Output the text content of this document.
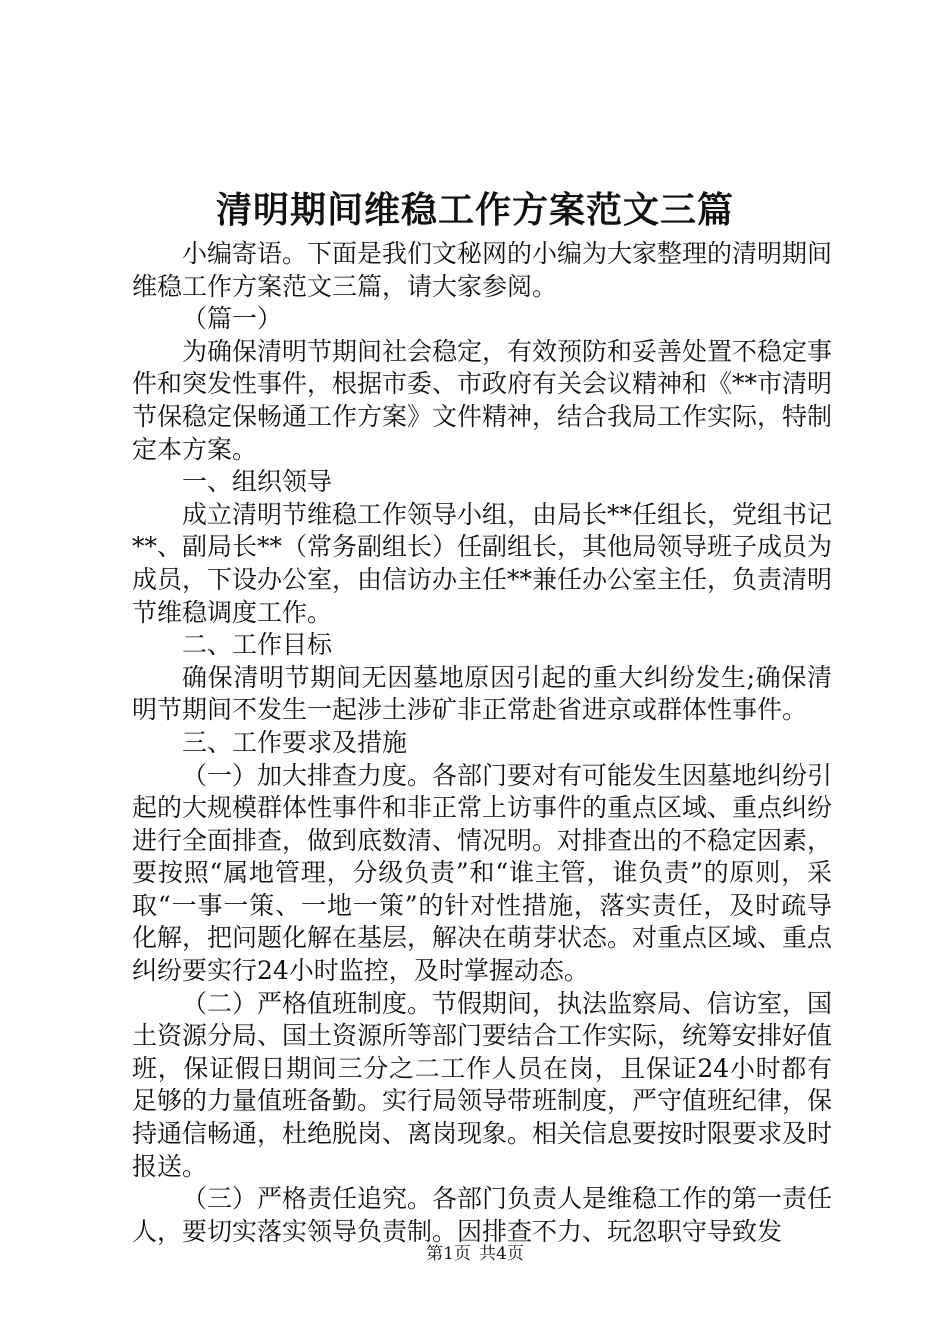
清明期间维稳工作方案范文三篇

小编寄语。下面是我们文秘网的小编为大家整理的清明期间维稳工作方案范文三篇，请大家参阅。

（篇一）

为确保清明节期间社会稳定，有效预防和妥善处置不稳定事件和突发性事件，根据市委、市政府有关会议精神和《**市清明节保稳定保畅通工作方案》文件精神，结合我局工作实际，特制定本方案。

一、组织领导

成立清明节维稳工作领导小组，由局长**任组长，党组书记**、副局长**（常务副组长）任副组长，其他局领导班子成员为成员，下设办公室，由信访办主任**兼任办公室主任，负责清明节维稳调度工作。

二、工作目标

确保清明节期间无因墓地原因引起的重大纠纷发生;确保清明节期间不发生一起涉土涉矿非正常赴省进京或群体性事件。

三、工作要求及措施

（一）加大排查力度。各部门要对有可能发生因墓地纠纷引起的大规模群体性事件和非正常上访事件的重点区域、重点纠纷进行全面排查，做到底数清、情况明。对排查出的不稳定因素，要按照“属地管理，分级负责”和“谁主管，谁负责”的原则，采取“一事一策、一地一策”的针对性措施，落实责任，及时疏导化解，把问题化解在基层，解决在萌芽状态。对重点区域、重点纠纷要实行24小时监控，及时掌握动态。

（二）严格值班制度。节假期间，执法监察局、信访室，国土资源分局、国土资源所等部门要结合工作实际，统筹安排好值班，保证假日期间三分之二工作人员在岗，且保证24小时都有足够的力量值班备勤。实行局领导带班制度，严守值班纪律，保持通信畅通，杜绝脱岗、离岗现象。相关信息要按时限要求及时报送。

（三）严格责任追究。各部门负责人是维稳工作的第一责任人，要切实落实领导负责制。因排查不力、玩忽职守导致发

第1页 共4页
